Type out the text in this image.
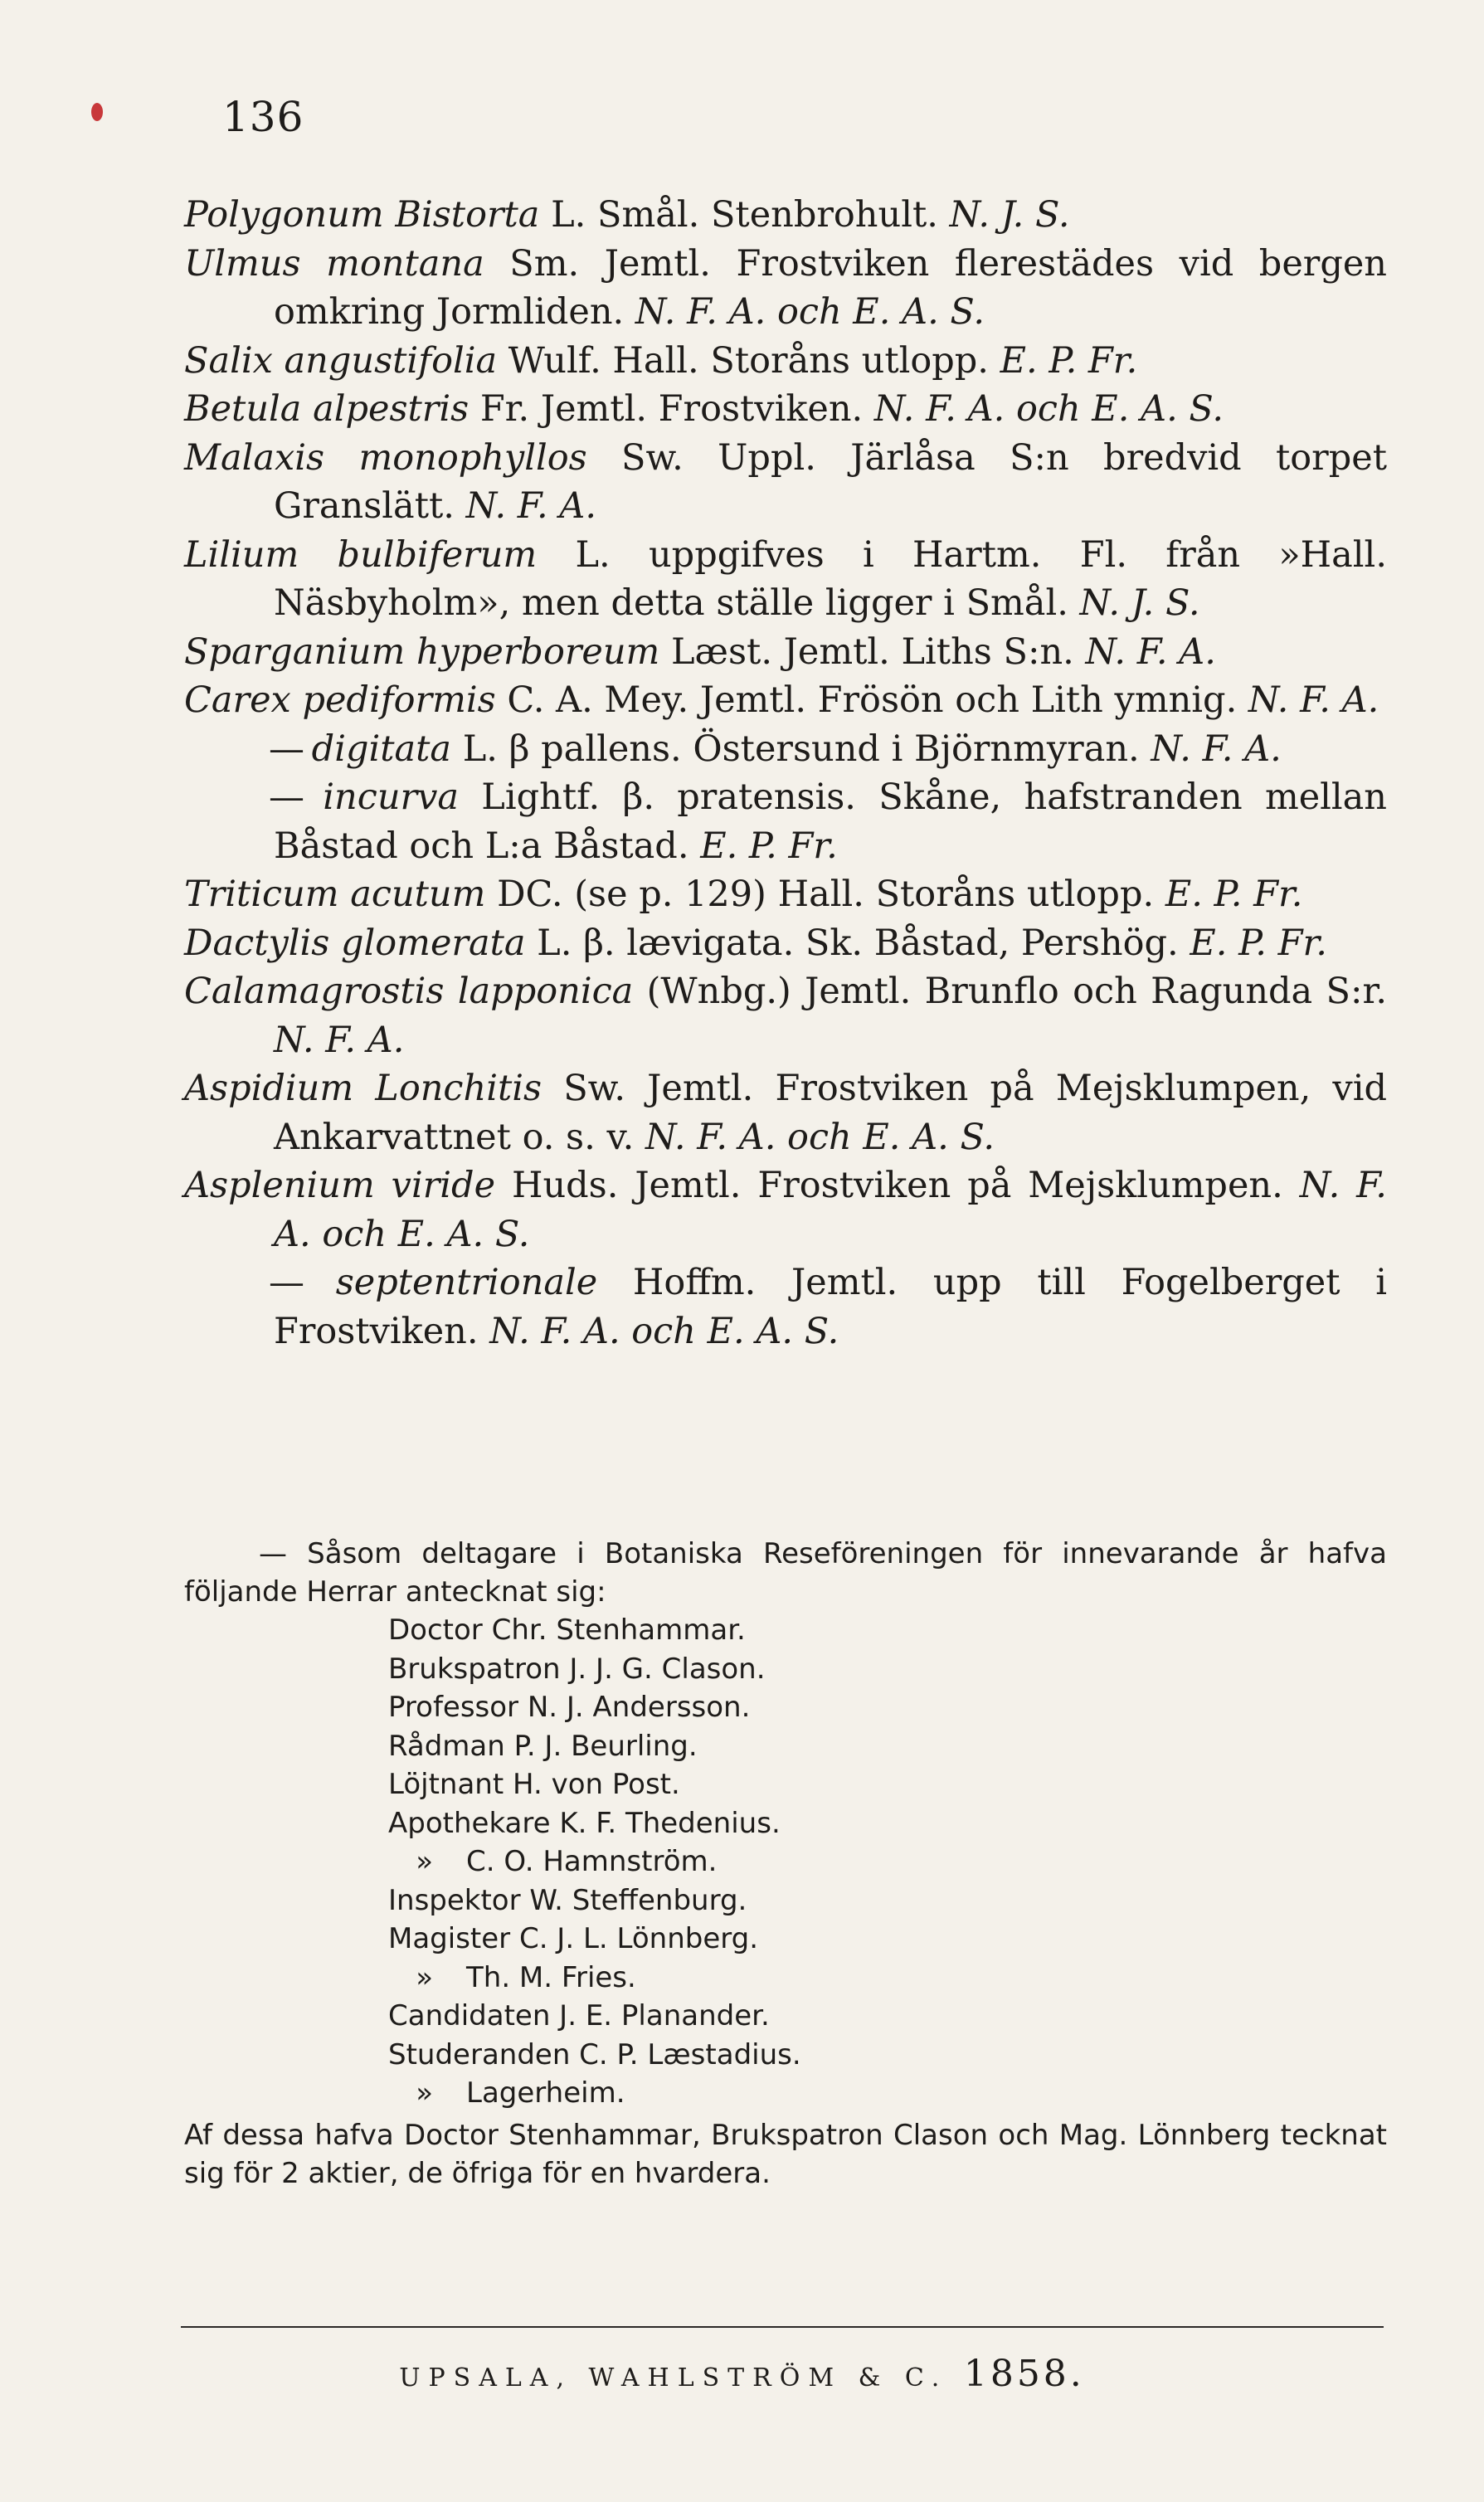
136
Polygonum Bistorta L. Smål. Stenbrohult. N. J. S.
Ulmus montana Sm. Jemtl. Frostviken flerestädes vid bergen omkring Jormliden. N. F. A. och E. A. S.
Salix angustifolia Wulf. Hall. Storåns utlopp. E. P. Fr.
Betula alpestris Fr. Jemtl. Frostviken. N. F. A. och E. A. S.
Malaxis monophyllos Sw. Uppl. Järlåsa S:n bredvid torpet Granslätt. N. F. A.
Lilium bulbiferum L. uppgifves i Hartm. Fl. från »Hall. Näsbyholm», men detta ställe ligger i Smål. N. J. S.
Sparganium hyperboreum Læst. Jemtl. Liths S:n. N. F. A.
Carex pediformis C. A. Mey. Jemtl. Frösön och Lith ymnig. N. F. A.
— digitata L. β pallens. Östersund i Björnmyran. N. F. A.
— incurva Lightf. β. pratensis. Skåne, hafstranden mellan Båstad och L:a Båstad. E. P. Fr.
Triticum acutum DC. (se p. 129) Hall. Storåns utlopp. E. P. Fr.
Dactylis glomerata L. β. lævigata. Sk. Båstad, Pershög. E. P. Fr.
Calamagrostis lapponica (Wnbg.) Jemtl. Brunflo och Ragunda S:r. N. F. A.
Aspidium Lonchitis Sw. Jemtl. Frostviken på Mejsklumpen, vid Ankarvattnet o. s. v. N. F. A. och E. A. S.
Asplenium viride Huds. Jemtl. Frostviken på Mejsklumpen. N. F. A. och E. A. S.
— septentrionale Hoffm. Jemtl. upp till Fogelberget i Frostviken. N. F. A. och E. A. S.
— Såsom deltagare i Botaniska Reseföreningen för innevarande år hafva följande Herrar antecknat sig:
Doctor Chr. Stenhammar.
Brukspatron J. J. G. Clason.
Professor N. J. Andersson.
Rådman P. J. Beurling.
Löjtnant H. von Post.
Apothekare K. F. Thedenius.
» C. O. Hamnström.
Inspektor W. Steffenburg.
Magister C. J. L. Lönnberg.
» Th. M. Fries.
Candidaten J. E. Planander.
Studeranden C. P. Læstadius.
» Lagerheim.
Af dessa hafva Doctor Stenhammar, Brukspatron Clason och Mag. Lönnberg tecknat sig för 2 aktier, de öfriga för en hvardera.
UPSALA, WAHLSTRÖM & C. 1858.
